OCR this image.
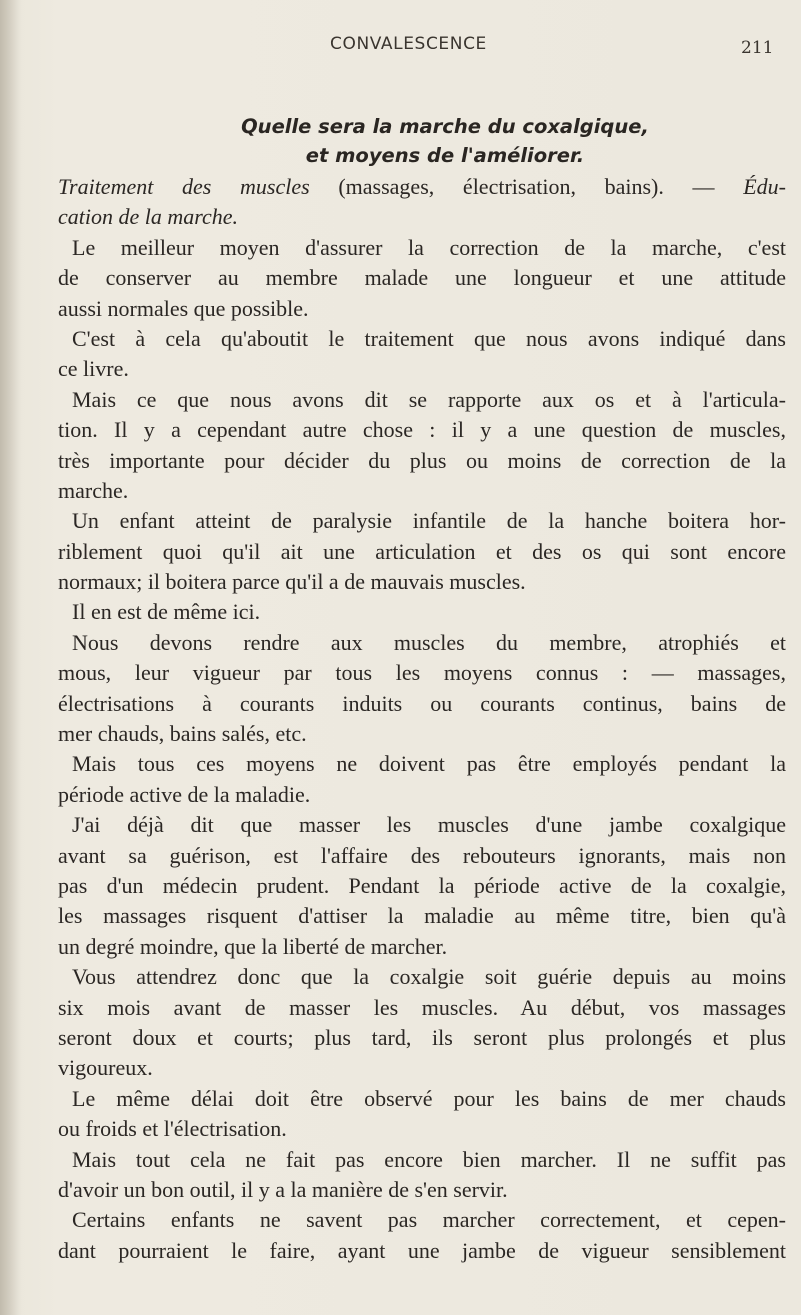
CONVALESCENCE	211
Quelle sera la marche du coxalgique,
et moyens de l'améliorer.
Traitement des muscles (massages, électrisation, bains). — Édu-
cation de la marche.
Le meilleur moyen d'assurer la correction de la marche, c'est
de conserver au membre malade une longueur et une attitude
aussi normales que possible.
C'est à cela qu'aboutit le traitement que nous avons indiqué dans
ce livre.
Mais ce que nous avons dit se rapporte aux os et à l'articula-
tion. Il y a cependant autre chose : il y a une question de muscles,
très importante pour décider du plus ou moins de correction de la
marche.
Un enfant atteint de paralysie infantile de la hanche boitera hor-
riblement quoi qu'il ait une articulation et des os qui sont encore
normaux; il boitera parce qu'il a de mauvais muscles.
Il en est de même ici.
Nous devons rendre aux muscles du membre, atrophiés et
mous, leur vigueur par tous les moyens connus : — massages,
électrisations à courants induits ou courants continus, bains de
mer chauds, bains salés, etc.
Mais tous ces moyens ne doivent pas être employés pendant la
période active de la maladie.
J'ai déjà dit que masser les muscles d'une jambe coxalgique
avant sa guérison, est l'affaire des rebouteurs ignorants, mais non
pas d'un médecin prudent. Pendant la période active de la coxalgie,
les massages risquent d'attiser la maladie au même titre, bien qu'à
un degré moindre, que la liberté de marcher.
Vous attendrez donc que la coxalgie soit guérie depuis au moins
six mois avant de masser les muscles. Au début, vos massages
seront doux et courts; plus tard, ils seront plus prolongés et plus
vigoureux.
Le même délai doit être observé pour les bains de mer chauds
ou froids et l'électrisation.
Mais tout cela ne fait pas encore bien marcher. Il ne suffit pas
d'avoir un bon outil, il y a la manière de s'en servir.
Certains enfants ne savent pas marcher correctement, et cepen-
dant pourraient le faire, ayant une jambe de vigueur sensiblement
